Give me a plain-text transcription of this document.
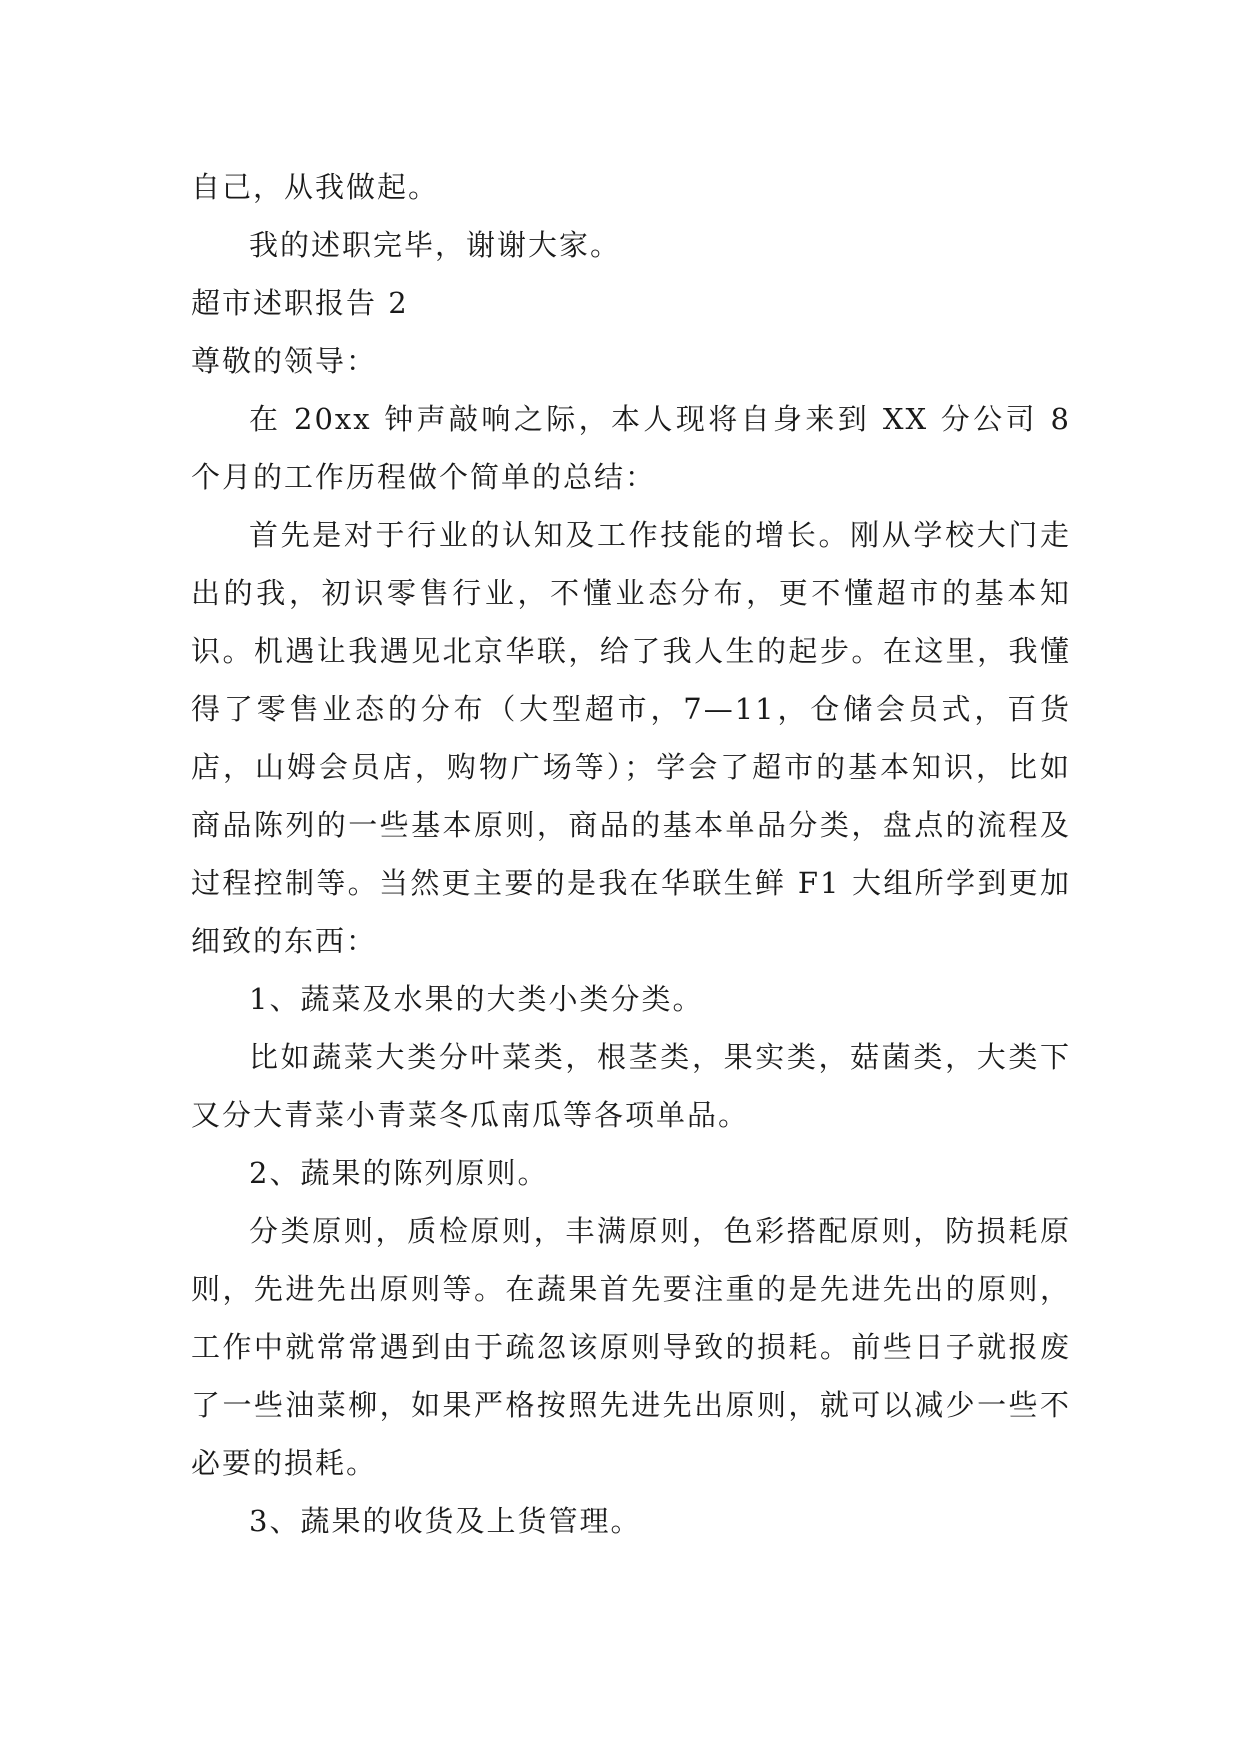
自己，从我做起。

我的述职完毕，谢谢大家。

超市述职报告 2

尊敬的领导：

在 20xx 钟声敲响之际，本人现将自身来到 XX 分公司 8 个月的工作历程做个简单的总结：

首先是对于行业的认知及工作技能的增长。刚从学校大门走出的我，初识零售行业，不懂业态分布，更不懂超市的基本知识。机遇让我遇见北京华联，给了我人生的起步。在这里，我懂得了零售业态的分布（大型超市，7—11，仓储会员式，百货店，山姆会员店，购物广场等）；学会了超市的基本知识，比如商品陈列的一些基本原则，商品的基本单品分类，盘点的流程及过程控制等。当然更主要的是我在华联生鲜 F1 大组所学到更加细致的东西：

1、蔬菜及水果的大类小类分类。

比如蔬菜大类分叶菜类，根茎类，果实类，菇菌类，大类下又分大青菜小青菜冬瓜南瓜等各项单品。

2、蔬果的陈列原则。

分类原则，质检原则，丰满原则，色彩搭配原则，防损耗原则，先进先出原则等。在蔬果首先要注重的是先进先出的原则，工作中就常常遇到由于疏忽该原则导致的损耗。前些日子就报废了一些油菜柳，如果严格按照先进先出原则，就可以减少一些不必要的损耗。

3、蔬果的收货及上货管理。
